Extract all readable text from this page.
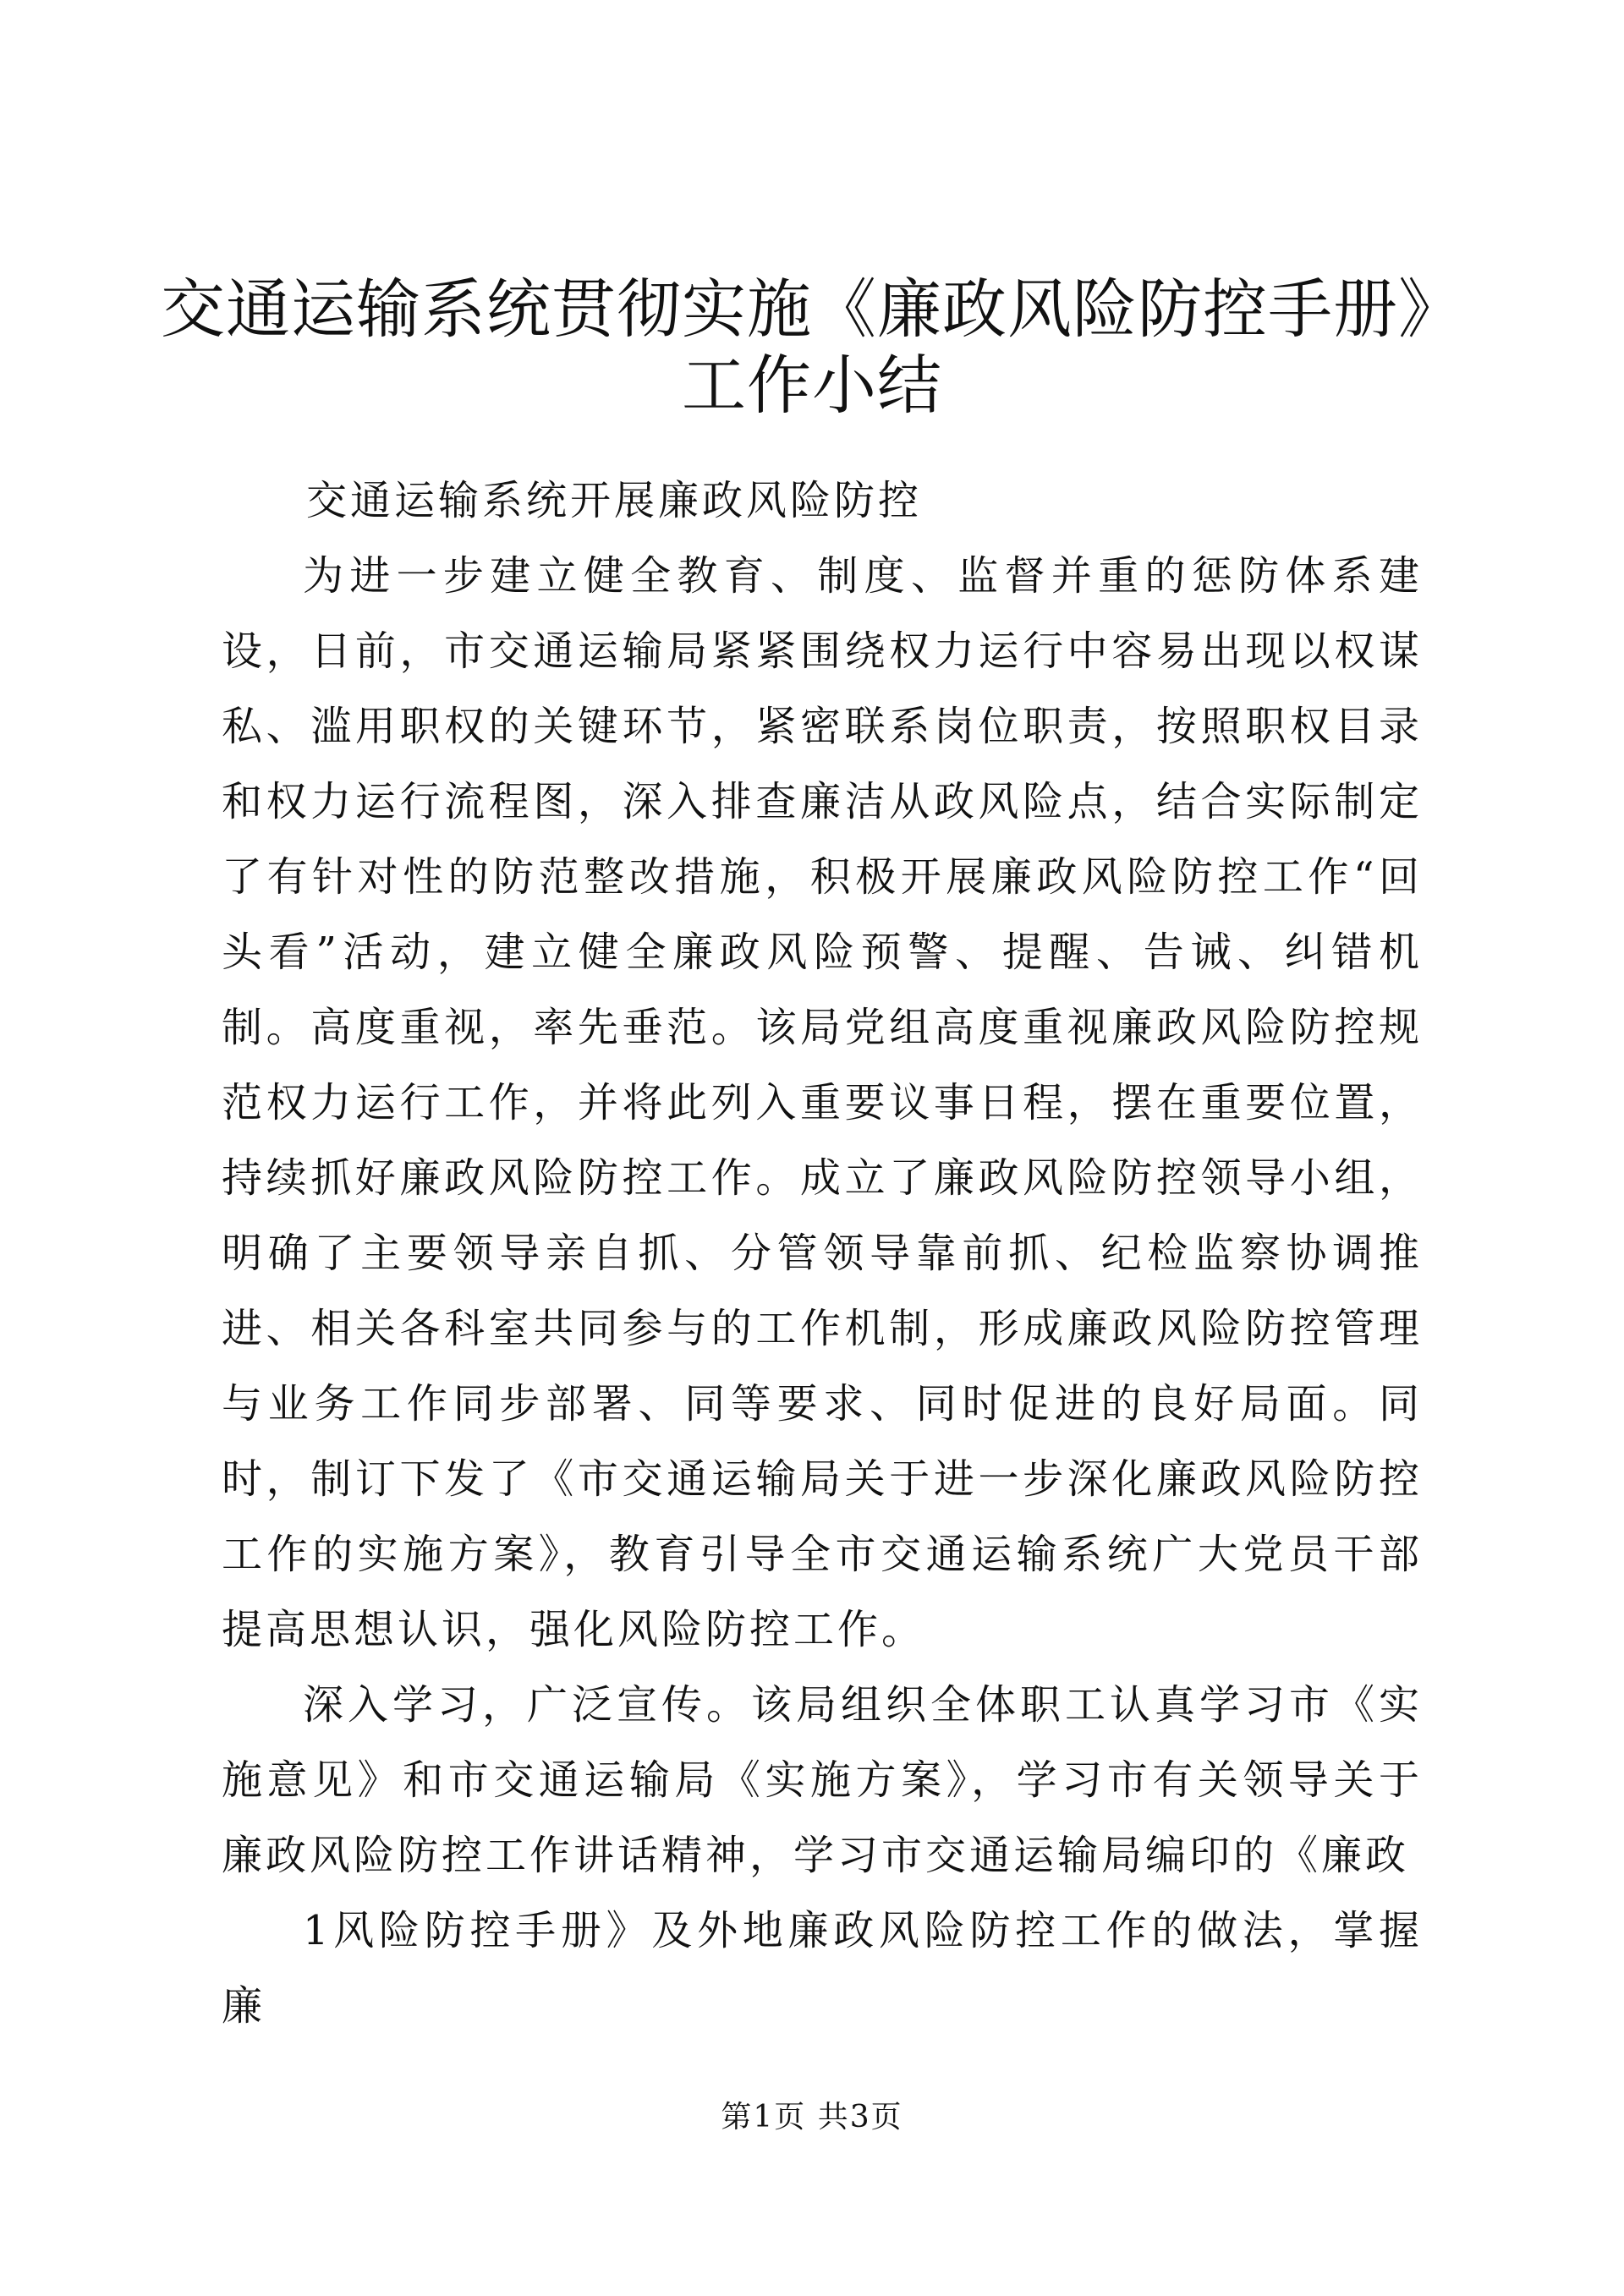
交通运输系统贯彻实施《廉政风险防控手册》
工作小结

交通运输系统开展廉政风险防控

为进一步建立健全教育、制度、监督并重的惩防体系建设，日前，市交通运输局紧紧围绕权力运行中容易出现以权谋私、滥用职权的关键环节，紧密联系岗位职责，按照职权目录和权力运行流程图，深入排查廉洁从政风险点，结合实际制定了有针对性的防范整改措施，积极开展廉政风险防控工作“回头看”活动，建立健全廉政风险预警、提醒、告诫、纠错机制。高度重视，率先垂范。该局党组高度重视廉政风险防控规范权力运行工作，并将此列入重要议事日程，摆在重要位置，持续抓好廉政风险防控工作。成立了廉政风险防控领导小组，明确了主要领导亲自抓、分管领导靠前抓、纪检监察协调推进、相关各科室共同参与的工作机制，形成廉政风险防控管理与业务工作同步部署、同等要求、同时促进的良好局面。同时，制订下发了《市交通运输局关于进一步深化廉政风险防控工作的实施方案》，教育引导全市交通运输系统广大党员干部提高思想认识，强化风险防控工作。

深入学习，广泛宣传。该局组织全体职工认真学习市《实施意见》和市交通运输局《实施方案》，学习市有关领导关于廉政风险防控工作讲话精神，学习市交通运输局编印的《廉政

1风险防控手册》及外地廉政风险防控工作的做法，掌握廉

第1页 共3页
